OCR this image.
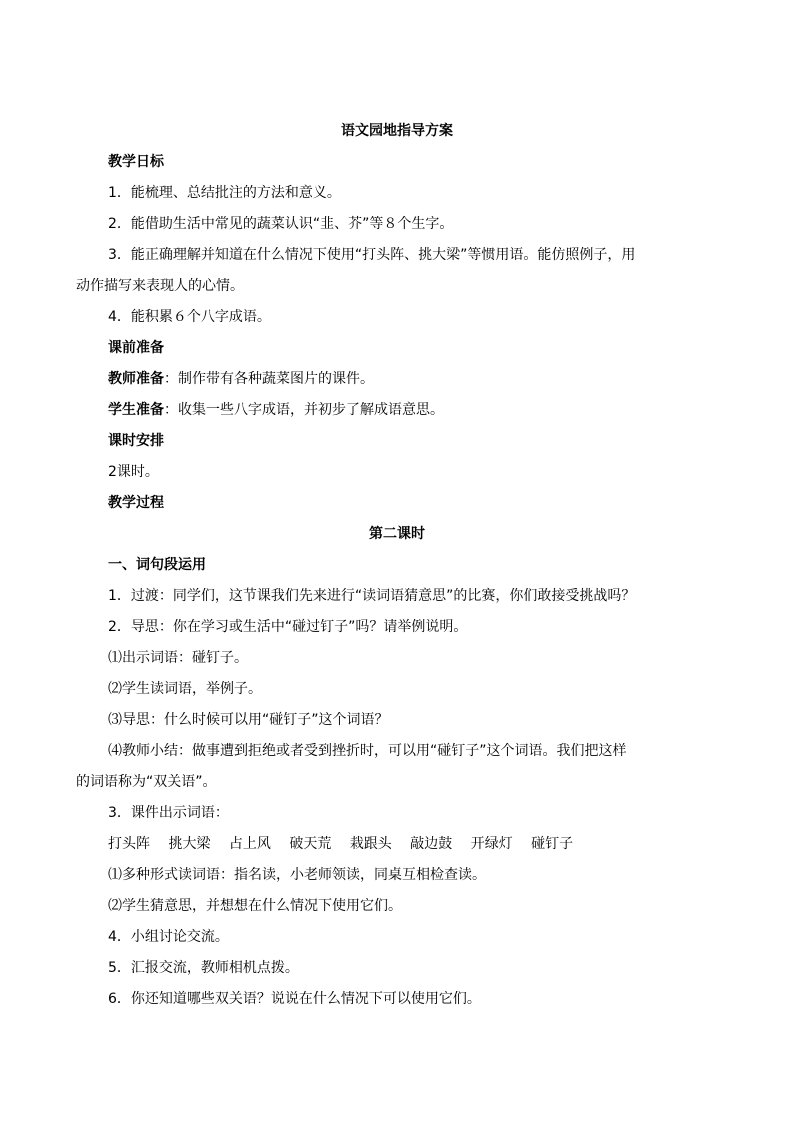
语文园地指导方案
教学日标
1．能梳理、总结批注的方法和意义。
2．能借助生活中常见的蔬菜认识“韭、芥”等８个生字。
3．能正确理解并知道在什么情况下使用“打头阵、挑大梁”等惯用语。能仿照例子，用
动作描写来表现人的心情。
4．能积累６个八字成语。
课前准备
教师准备：制作带有各种蔬菜图片的课件。
学生准备：收集一些八字成语，并初步了解成语意思。
课时安排
2课时。
教学过程
第二课时
一、词句段运用
1．过渡：同学们，这节课我们先来进行“读词语猜意思”的比赛，你们敢接受挑战吗？
2．导思：你在学习或生活中“碰过钉子”吗？请举例说明。
⑴出示词语：碰钉子。
⑵学生读词语，举例子。
⑶导思：什么时候可以用“碰钉子”这个词语？
⑷教师小结：做事遭到拒绝或者受到挫折时，可以用“碰钉子”这个词语。我们把这样
的词语称为“双关语”。
3．课件出示词语：
打头阵 挑大梁 占上风 破天荒 栽跟头 敲边鼓 开绿灯 碰钉子
⑴多种形式读词语：指名读，小老师领读，同桌互相检查读。
⑵学生猜意思，并想想在什么情况下使用它们。
4．小组讨论交流。
5．汇报交流，教师相机点拨。
6．你还知道哪些双关语？说说在什么情况下可以使用它们。
